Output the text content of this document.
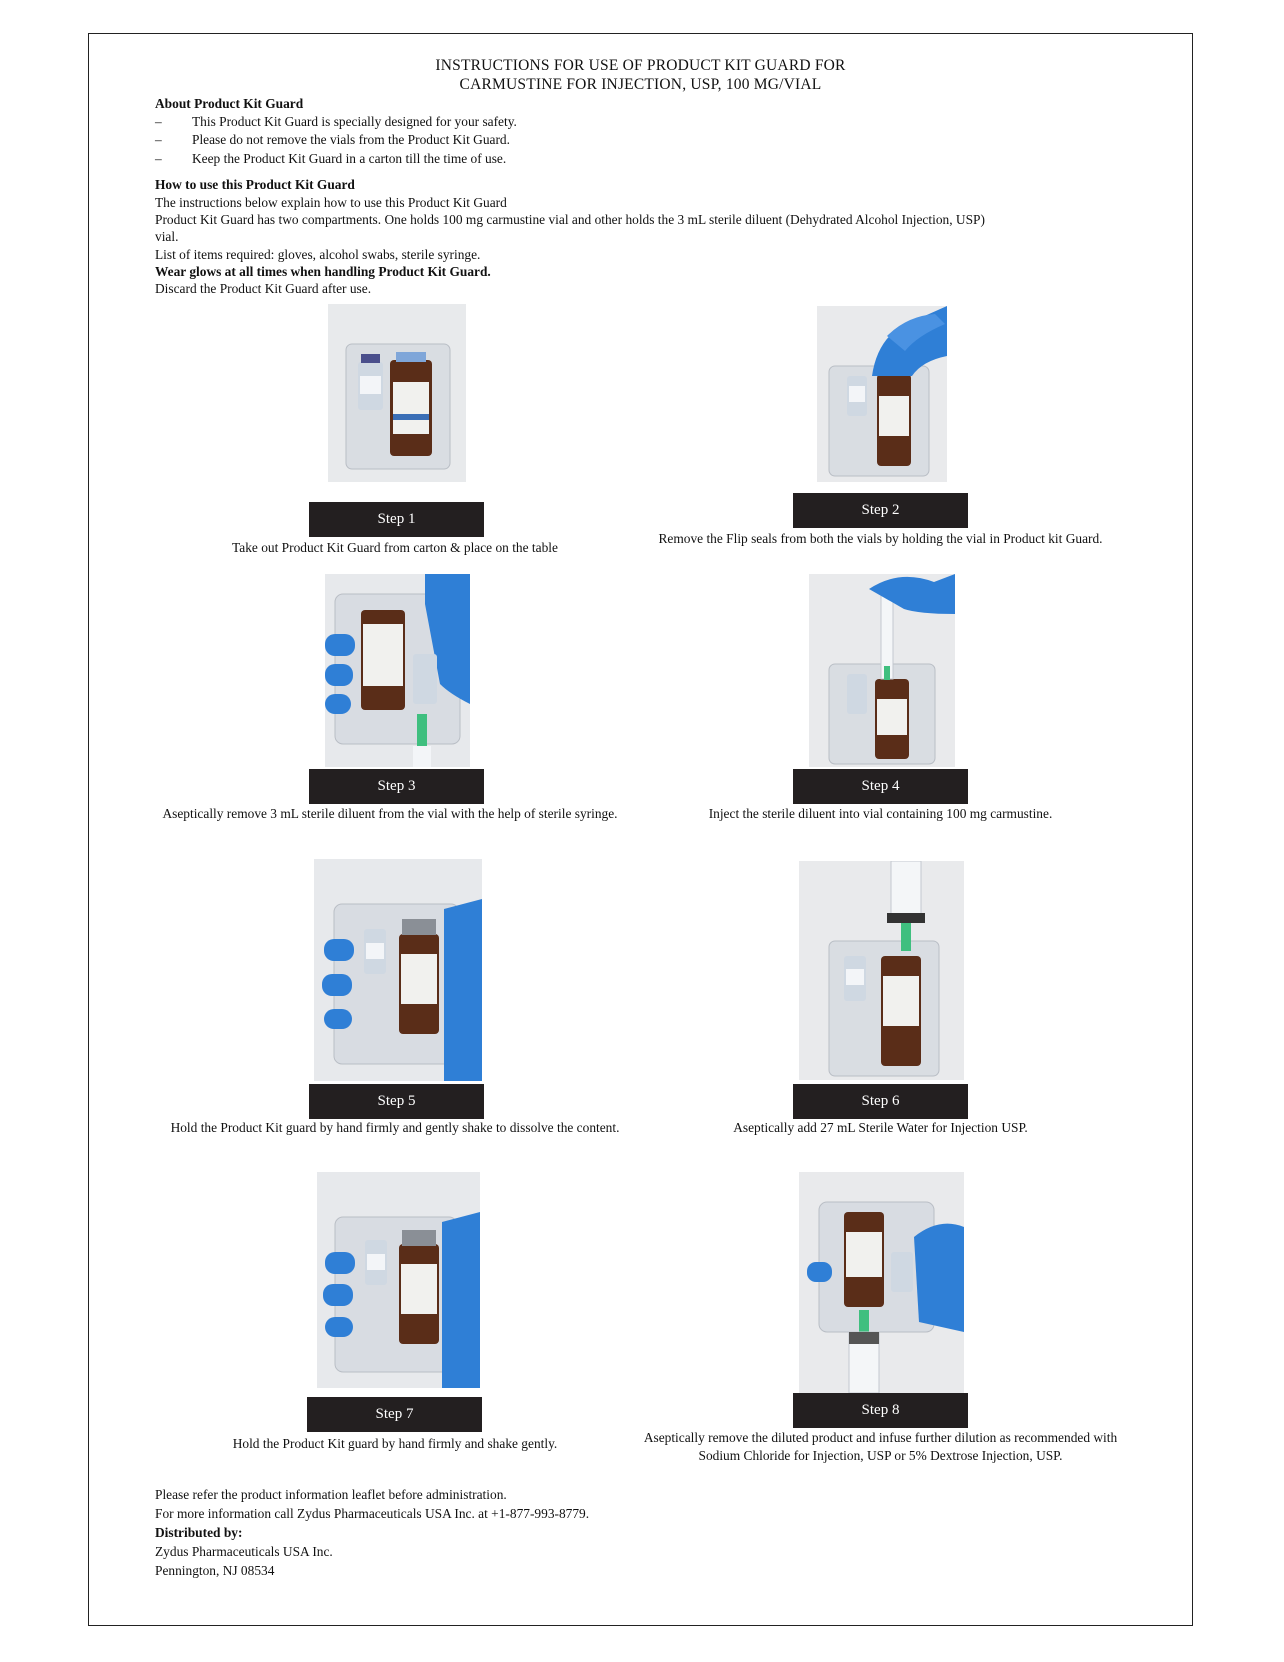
INSTRUCTIONS FOR USE OF PRODUCT KIT GUARD FOR
CARMUSTINE FOR INJECTION, USP, 100 MG/VIAL
About Product Kit Guard
– This Product Kit Guard is specially designed for your safety.
– Please do not remove the vials from the Product Kit Guard.
– Keep the Product Kit Guard in a carton till the time of use.
How to use this Product Kit Guard
The instructions below explain how to use this Product Kit Guard
Product Kit Guard has two compartments. One holds 100 mg carmustine vial and other holds the 3 mL sterile diluent (Dehydrated Alcohol Injection, USP)
vial.
List of items required: gloves, alcohol swabs, sterile syringe.
Wear glows at all times when handling Product Kit Guard.
Discard the Product Kit Guard after use.
Step 1
Take out Product Kit Guard from carton & place on the table
Step 2
Remove the Flip seals from both the vials by holding the vial in Product kit Guard.
Step 3
Aseptically remove 3 mL sterile diluent from the vial with the help of sterile syringe.
Step 4
Inject the sterile diluent into vial containing 100 mg carmustine.
Step 5
Hold the Product Kit guard by hand firmly and gently shake to dissolve the content.
Step 6
Aseptically add 27 mL Sterile Water for Injection USP.
Step 7
Hold the Product Kit guard by hand firmly and shake gently.
Step 8
Aseptically remove the diluted product and infuse further dilution as recommended with Sodium Chloride for Injection, USP or 5% Dextrose Injection, USP.
Please refer the product information leaflet before administration.
For more information call Zydus Pharmaceuticals USA Inc. at +1-877-993-8779.
Distributed by:
Zydus Pharmaceuticals USA Inc.
Pennington, NJ 08534
